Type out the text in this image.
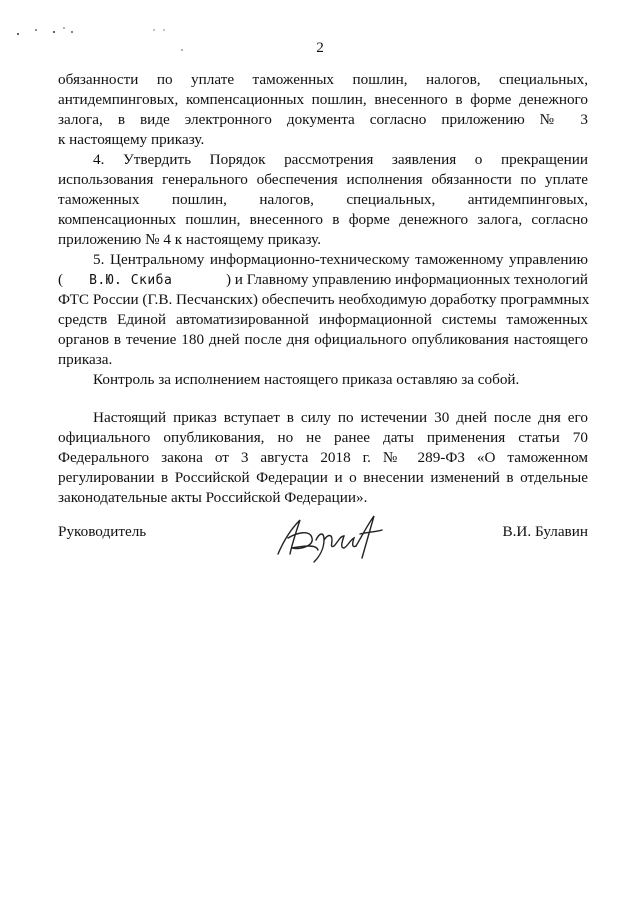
2
обязанности по уплате таможенных пошлин, налогов, специальных,
антидемпинговых, компенсационных пошлин, внесенного в форме денежного
залога, в виде электронного документа согласно приложению № 3
к настоящему приказу.
4. Утвердить Порядок рассмотрения заявления о прекращении
использования генерального обеспечения исполнения обязанности по уплате
таможенных пошлин, налогов, специальных, антидемпинговых,
компенсационных пошлин, внесенного в форме денежного залога, согласно
приложению № 4 к настоящему приказу.
5. Центральному информационно-техническому таможенному управлению
( В.Ю. Скиба	) и Главному управлению информационных технологий
ФТС России (Г.В. Песчанских) обеспечить необходимую доработку программных
средств Единой автоматизированной информационной системы таможенных
органов в течение 180 дней после дня официального опубликования настоящего
приказа.
Контроль за исполнением настоящего приказа оставляю за собой.
Настоящий приказ вступает в силу по истечении 30 дней после дня его
официального опубликования, но не ранее даты применения статьи 70
Федерального закона от 3 августа 2018 г. № 289-ФЗ «О таможенном
регулировании в Российской Федерации и о внесении изменений в отдельные
законодательные акты Российской Федерации».
Руководитель	В.И. Булавин
